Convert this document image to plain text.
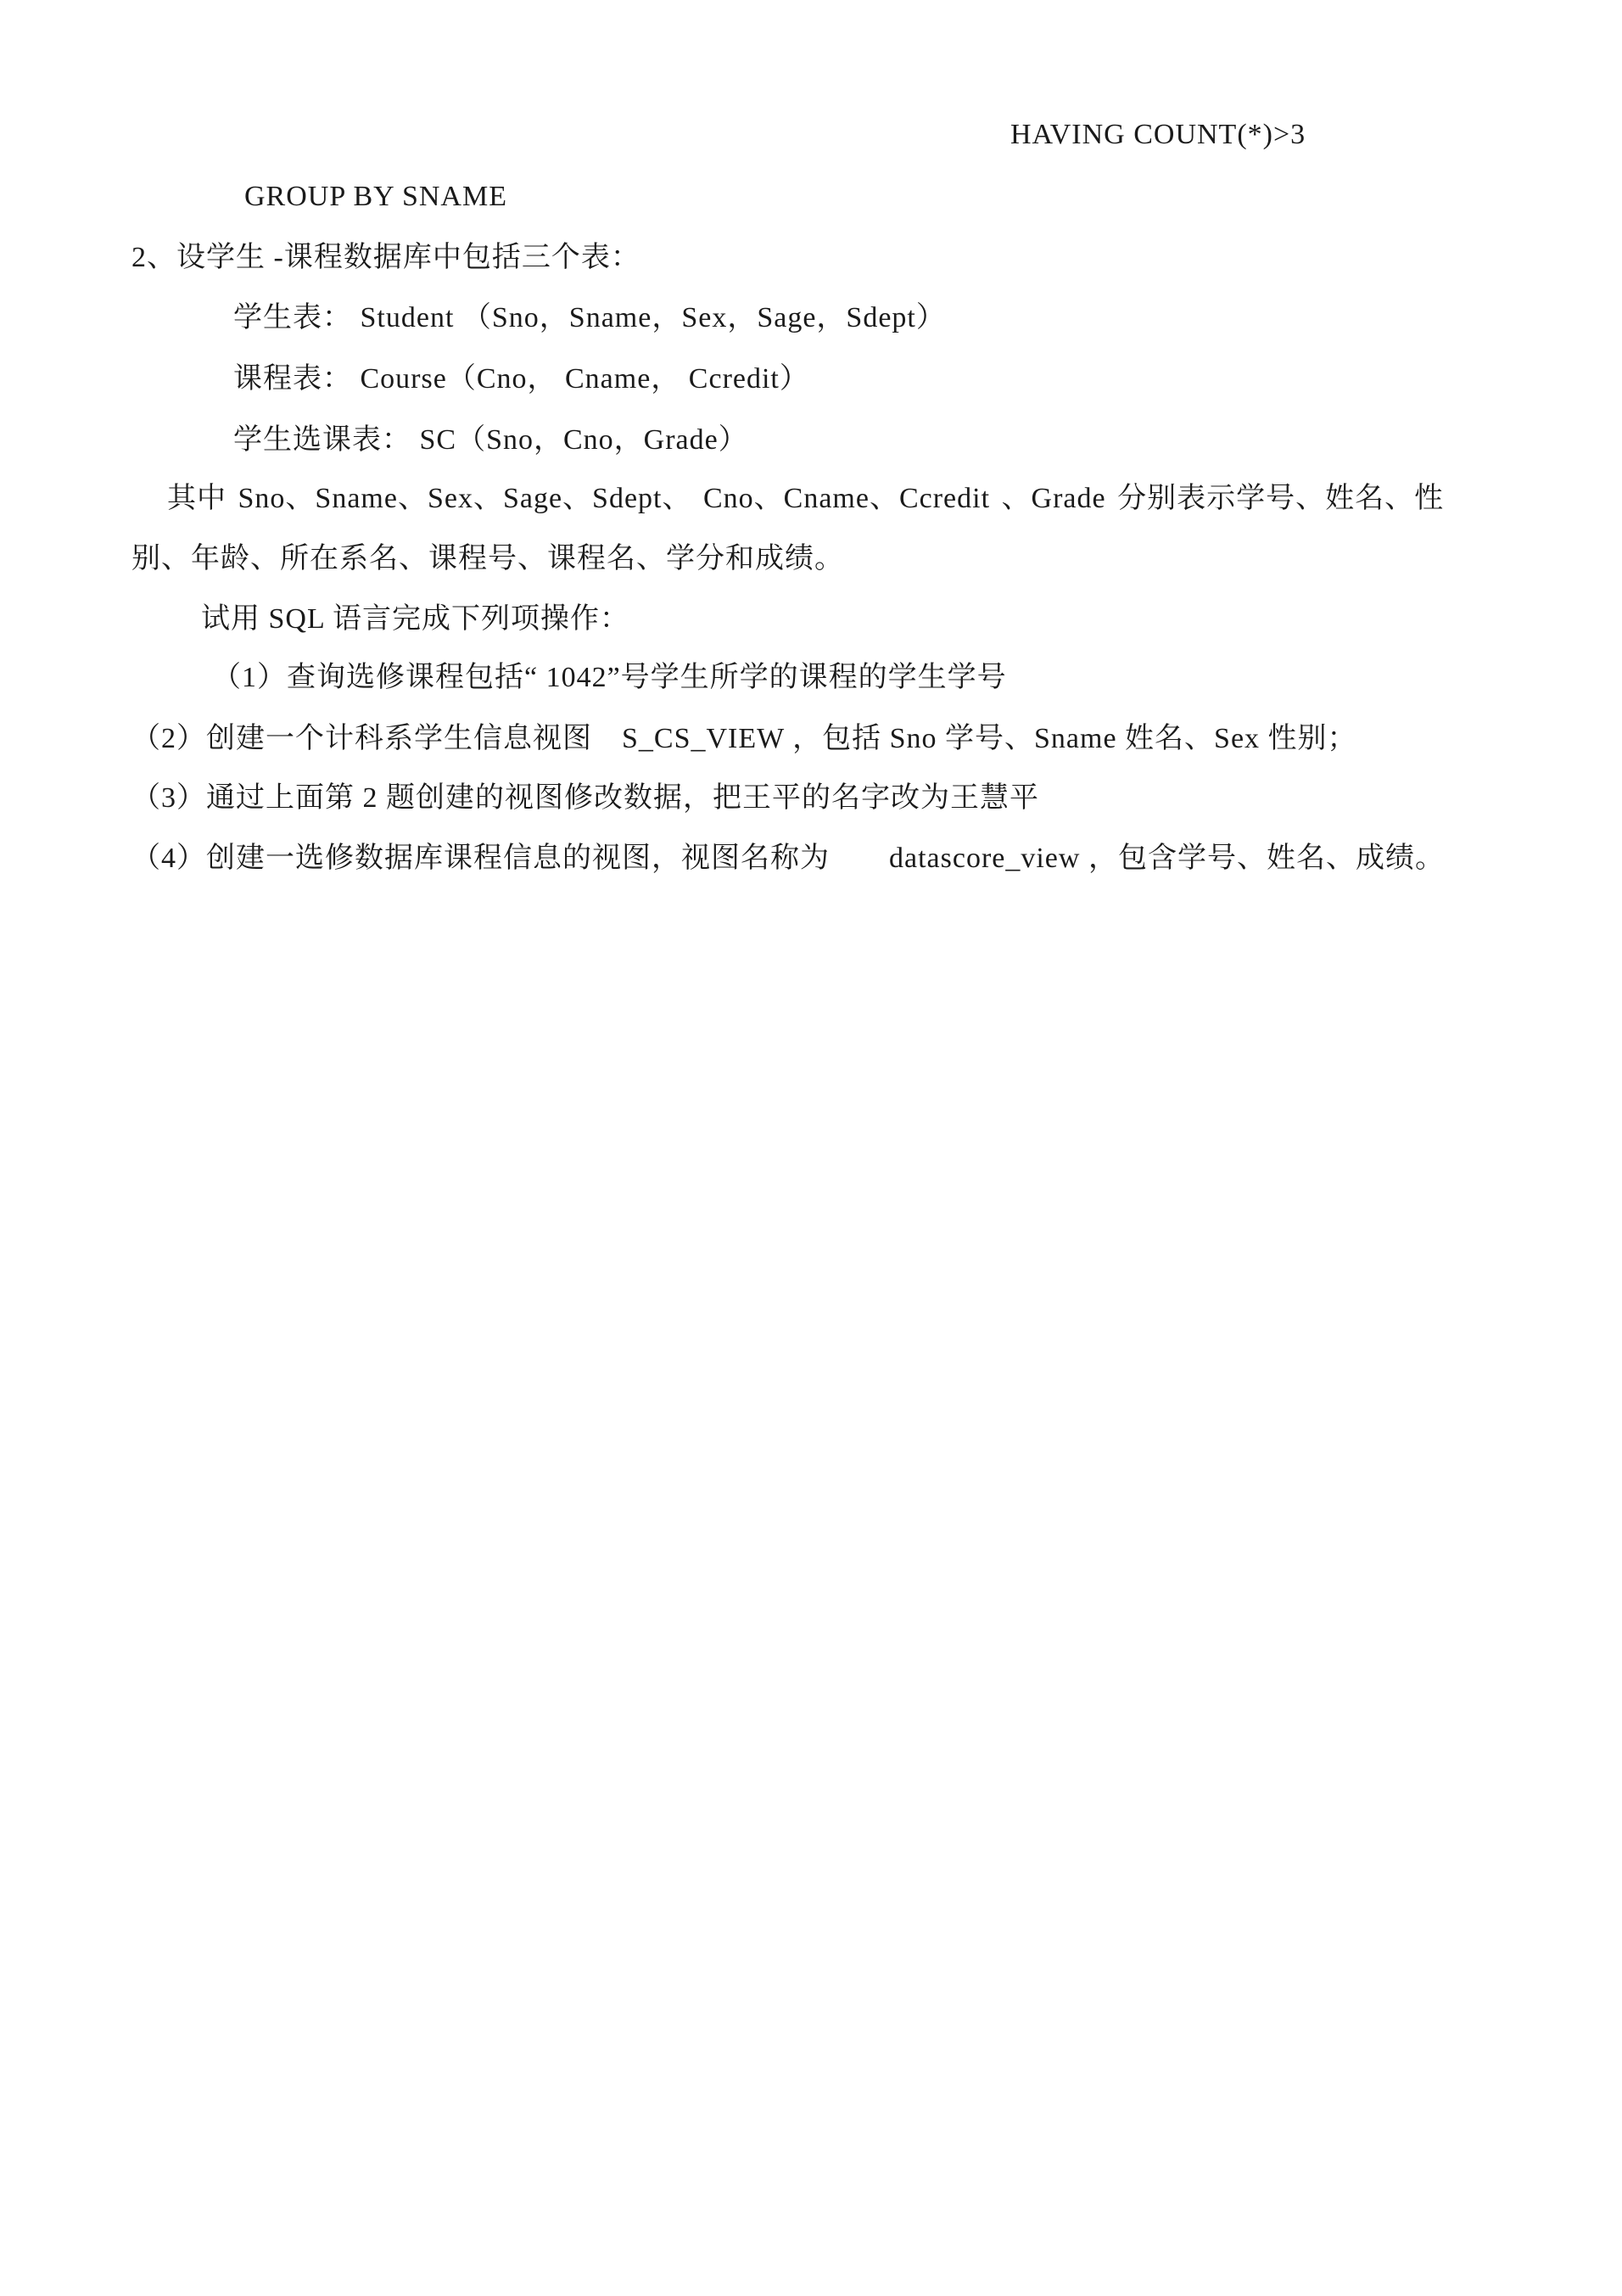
HAVING COUNT(*)>3
GROUP BY SNAME
2、设学生 -课程数据库中包括三个表：
学生表： Student （Sno，Sname，Sex，Sage，Sdept）
课程表： Course（Cno， Cname， Ccredit）
学生选课表： SC（Sno，Cno，Grade）
其中 Sno、Sname、Sex、Sage、Sdept、 Cno、Cname、Ccredit 、Grade 分别表示学号、姓名、性
别、年龄、所在系名、课程号、课程名、学分和成绩。
试用 SQL 语言完成下列项操作：
（1）查询选修课程包括“ 1042”号学生所学的课程的学生学号
（2）创建一个计科系学生信息视图　S_CS_VIEW ，包括 Sno 学号、Sname 姓名、Sex 性别；
（3）通过上面第 2 题创建的视图修改数据，把王平的名字改为王慧平
（4）创建一选修数据库课程信息的视图，视图名称为　　datascore_view ，包含学号、姓名、成绩。
